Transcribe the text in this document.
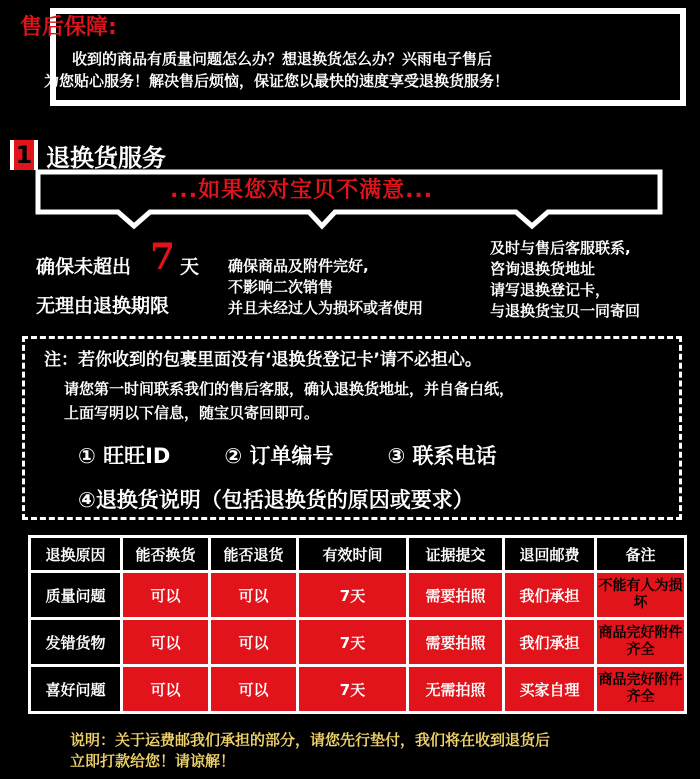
售后保障:
收到的商品有质量问题怎么办？想退换货怎么办？兴雨电子售后
为您贴心服务！解决售后烦恼，保证您以最快的速度享受退换货服务！
1 退换货服务
...如果您对宝贝不满意...
确保未超出 7 天
无理由退换期限
确保商品及附件完好,
不影响二次销售
并且未经过人为损坏或者使用
及时与售后客服联系,
咨询退换货地址
请写退换登记卡，
与退换货宝贝一同寄回
注：若你收到的包裹里面没有‘退换货登记卡’请不必担心。
请您第一时间联系我们的售后客服，确认退换货地址，并自备白纸，
上面写明以下信息，随宝贝寄回即可。
① 旺旺ID	② 订单编号	③ 联系电话
④退换货说明（包括退换货的原因或要求）
退换原因	能否换货	能否退货	有效时间	证据提交	退回邮费	备注
质量问题	可以	可以	7天	需要拍照	我们承担	不能有人为损坏
发错货物	可以	可以	7天	需要拍照	我们承担	商品完好附件齐全
喜好问题	可以	可以	7天	无需拍照	买家自理	商品完好附件齐全
说明：关于运费邮我们承担的部分，请您先行垫付，我们将在收到退货后
立即打款给您！请谅解！
